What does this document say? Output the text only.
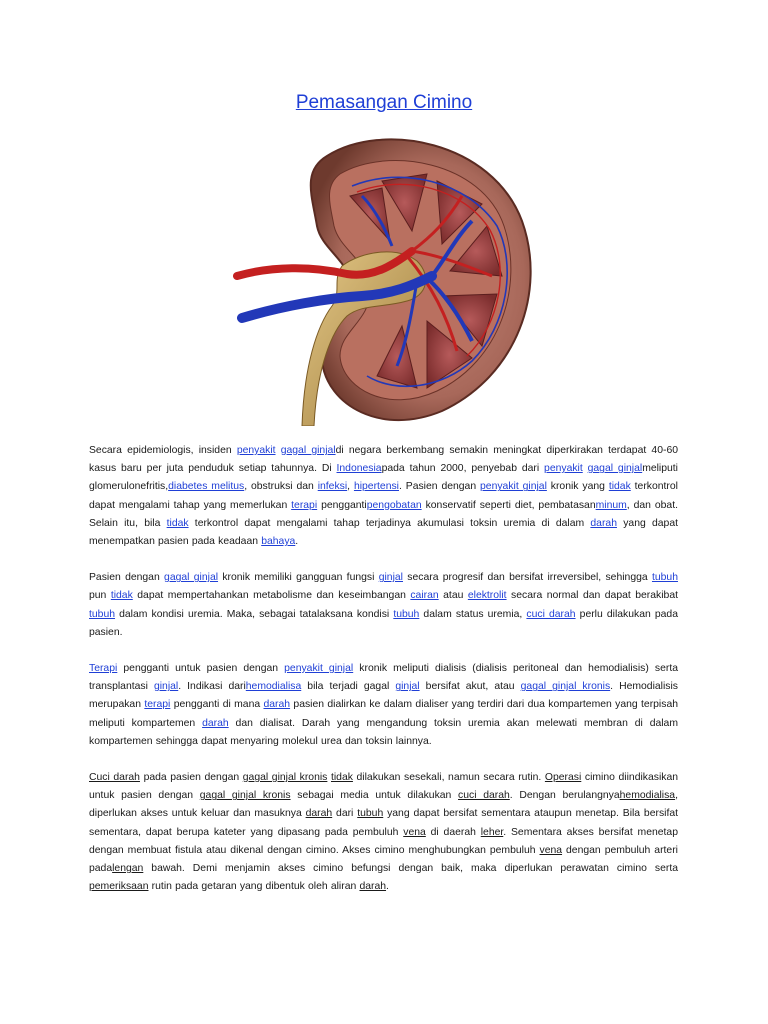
Pemasangan Cimino

Secara epidemiologis, insiden penyakit gagal ginjaldi negara berkembang semakin meningkat diperkirakan terdapat 40-60 kasus baru per juta penduduk setiap tahunnya. Di Indonesiapada tahun 2000, penyebab dari penyakit gagal ginjalmeliputi glomerulonefritis,diabetes melitus, obstruksi dan infeksi, hipertensi. Pasien dengan penyakit ginjal kronik yang tidak terkontrol dapat mengalami tahap yang memerlukan terapi penggantipengobatan konservatif seperti diet, pembatasanminum, dan obat. Selain itu, bila tidak terkontrol dapat mengalami tahap terjadinya akumulasi toksin uremia di dalam darah yang dapat menempatkan pasien pada keadaan bahaya.

Pasien dengan gagal ginjal kronik memiliki gangguan fungsi ginjal secara progresif dan bersifat irreversibel, sehingga tubuh pun tidak dapat mempertahankan metabolisme dan keseimbangan cairan atau elektrolit secara normal dan dapat berakibat tubuh dalam kondisi uremia. Maka, sebagai tatalaksana kondisi tubuh dalam status uremia, cuci darah perlu dilakukan pada pasien.

Terapi pengganti untuk pasien dengan penyakit ginjal kronik meliputi dialisis (dialisis peritoneal dan hemodialisis) serta transplantasi ginjal. Indikasi darihemodialisa bila terjadi gagal ginjal bersifat akut, atau gagal ginjal kronis. Hemodialisis merupakan terapi pengganti di mana darah pasien dialirkan ke dalam dialiser yang terdiri dari dua kompartemen yang terpisah meliputi kompartemen darah dan dialisat. Darah yang mengandung toksin uremia akan melewati membran di dalam kompartemen sehingga dapat menyaring molekul urea dan toksin lainnya.

Cuci darah pada pasien dengan gagal ginjal kronis tidak dilakukan sesekali, namun secara rutin. Operasi cimino diindikasikan untuk pasien dengan gagal ginjal kronis sebagai media untuk dilakukan cuci darah. Dengan berulangnyahemodialisa, diperlukan akses untuk keluar dan masuknya darah dari tubuh yang dapat bersifat sementara ataupun menetap. Bila bersifat sementara, dapat berupa kateter yang dipasang pada pembuluh vena di daerah leher. Sementara akses bersifat menetap dengan membuat fistula atau dikenal dengan cimino. Akses cimino menghubungkan pembuluh vena dengan pembuluh arteri padalengan bawah. Demi menjamin akses cimino befungsi dengan baik, maka diperlukan perawatan cimino serta pemeriksaan rutin pada getaran yang dibentuk oleh aliran darah.
